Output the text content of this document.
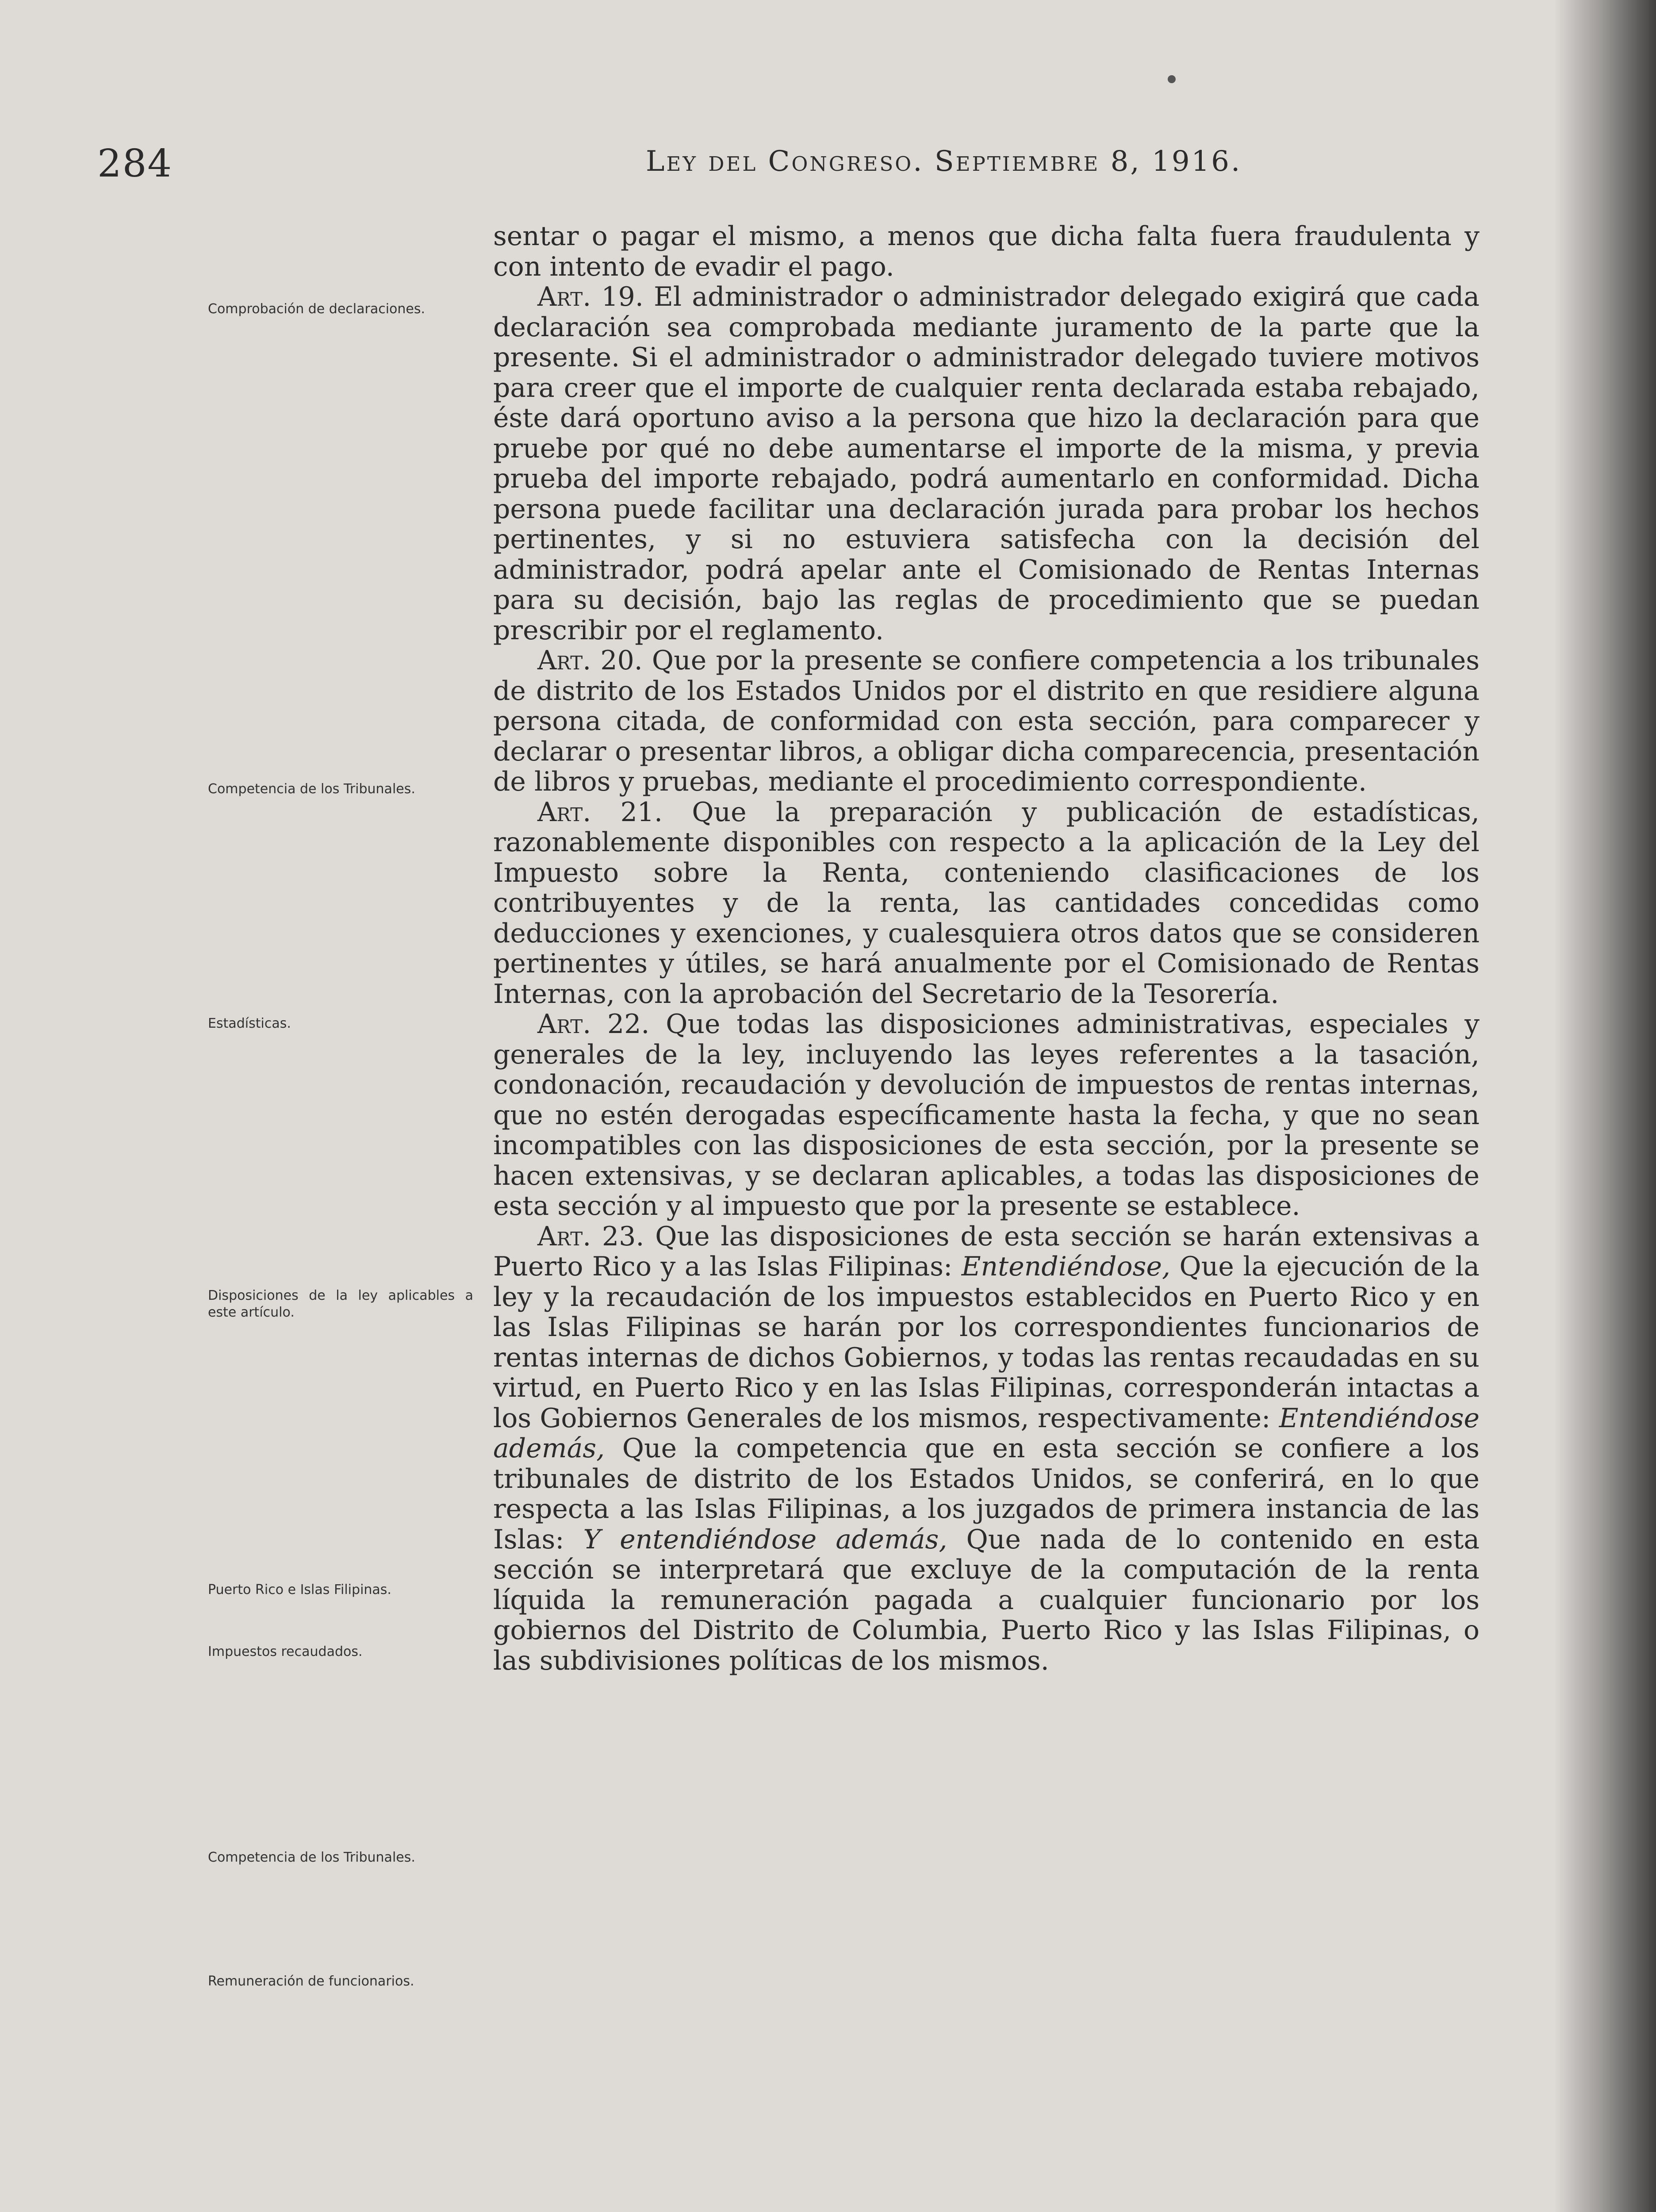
284	Ley del Congreso. Septiembre 8, 1916.
Comprobación de declaraciones.
Competencia de los Tribunales.
Estadísticas.
Disposiciones de la ley aplicables a este artículo.
Puerto Rico e Islas Filipinas.
Impuestos recaudados.
Competencia de los Tribunales.
Remuneración de funcionarios.

sentar o pagar el mismo, a menos que dicha falta fuera fraudulenta y con intento de evadir el pago.

Art. 19. El administrador o administrador delegado exigirá que cada declaración sea comprobada mediante juramento de la parte que la presente. Si el administrador o administrador delegado tuviere motivos para creer que el importe de cualquier renta declarada estaba rebajado, éste dará oportuno aviso a la persona que hizo la declaración para que pruebe por qué no debe aumentarse el importe de la misma, y previa prueba del importe rebajado, podrá aumentarlo en conformidad. Dicha persona puede facilitar una declaración jurada para probar los hechos pertinentes, y si no estuviera satisfecha con la decisión del administrador, podrá apelar ante el Comisionado de Rentas Internas para su decisión, bajo las reglas de procedimiento que se puedan prescribir por el reglamento.

Art. 20. Que por la presente se confiere competencia a los tribunales de distrito de los Estados Unidos por el distrito en que residiere alguna persona citada, de conformidad con esta sección, para comparecer y declarar o presentar libros, a obligar dicha comparecencia, presentación de libros y pruebas, mediante el procedimiento correspondiente.

Art. 21. Que la preparación y publicación de estadísticas, razonablemente disponibles con respecto a la aplicación de la Ley del Impuesto sobre la Renta, conteniendo clasificaciones de los contribuyentes y de la renta, las cantidades concedidas como deducciones y exenciones, y cualesquiera otros datos que se consideren pertinentes y útiles, se hará anualmente por el Comisionado de Rentas Internas, con la aprobación del Secretario de la Tesorería.

Art. 22. Que todas las disposiciones administrativas, especiales y generales de la ley, incluyendo las leyes referentes a la tasación, condonación, recaudación y devolución de impuestos de rentas internas, que no estén derogadas específicamente hasta la fecha, y que no sean incompatibles con las disposiciones de esta sección, por la presente se hacen extensivas, y se declaran aplicables, a todas las disposiciones de esta sección y al impuesto que por la presente se establece.

Art. 23. Que las disposiciones de esta sección se harán extensivas a Puerto Rico y a las Islas Filipinas: Entendiéndose, Que la ejecución de la ley y la recaudación de los impuestos establecidos en Puerto Rico y en las Islas Filipinas se harán por los correspondientes funcionarios de rentas internas de dichos Gobiernos, y todas las rentas recaudadas en su virtud, en Puerto Rico y en las Islas Filipinas, corresponderán intactas a los Gobiernos Generales de los mismos, respectivamente: Entendiéndose además, Que la competencia que en esta sección se confiere a los tribunales de distrito de los Estados Unidos, se conferirá, en lo que respecta a las Islas Filipinas, a los juzgados de primera instancia de las Islas: Y entendiéndose además, Que nada de lo contenido en esta sección se interpretará que excluye de la computación de la renta líquida la remuneración pagada a cualquier funcionario por los gobiernos del Distrito de Columbia, Puerto Rico y las Islas Filipinas, o las subdivisiones políticas de los mismos.
